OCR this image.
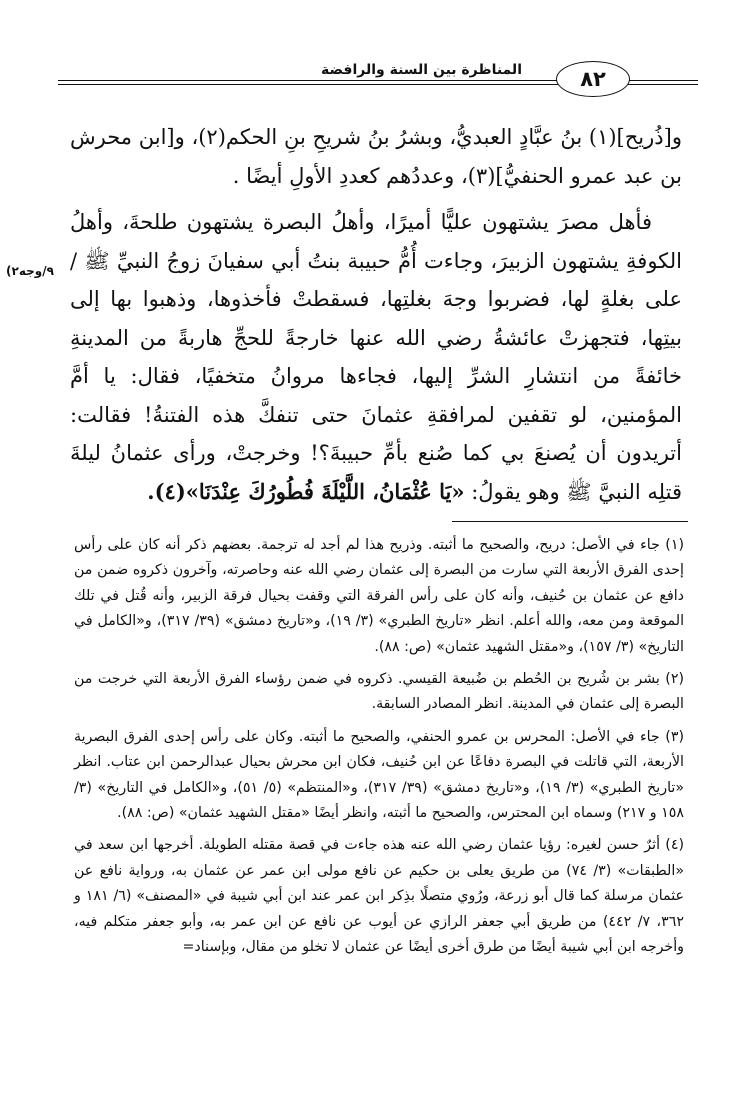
المناظرة بين السنة والرافضة	٨٢
٩/وجه٢)

و[ذُريح](١) بنُ عبَّادٍ العبديُّ، وبشرُ بنُ شريحِ بنِ الحكم(٢)، و[ابن محرش بن عبد عمرو الحنفيُّ](٣)، وعددُهم كعددِ الأولِ أيضًا .

فأهل مصرَ يشتهون عليًّا أميرًا، وأهلُ البصرة يشتهون طلحةَ، وأهلُ الكوفةِ يشتهون الزبيرَ، وجاءت أُمُّ حبيبة بنتُ أبي سفيانَ زوجُ النبيِّ ﷺ / على بغلةٍ لها، فضربوا وجهَ بغلتِها، فسقطتْ فأخذوها، وذهبوا بها إلى بيتِها، فتجهزتْ عائشةُ رضي الله عنها خارجةً للحجِّ هاربةً من المدينةِ خائفةً من انتشارِ الشرِّ إليها، فجاءها مروانُ متخفيًا، فقال: يا أمَّ المؤمنين، لو تقفين لمرافقةِ عثمانَ حتى تنفكَّ هذه الفتنةُ! فقالت: أتريدون أن يُصنعَ بي كما صُنع بأمِّ حبيبةَ؟! وخرجتْ، ورأى عثمانُ ليلةَ قتلِه النبيَّ ﷺ وهو يقولُ: «يَا عُثْمَانُ، اللَّيْلَةَ فُطُورُكَ عِنْدَنَا»(٤).

(١) جاء في الأصل: دريح، والصحيح ما أثبته. وذريح هذا لم أجد له ترجمة. بعضهم ذكر أنه كان على رأس إحدى الفرق الأربعة التي سارت من البصرة إلى عثمان رضي الله عنه وحاصرته، وآخرون ذكروه ضمن من دافع عن عثمان بن حُنيف، وأنه كان على رأس الفرقة التي وقفت بحيال فرقة الزبير، وأنه قُتل في تلك الموقعة ومن معه، والله أعلم. انظر «تاريخ الطبري» (٣/ ١٩)، و«تاريخ دمشق» (٣٩/ ٣١٧)، و«الكامل في التاريخ» (٣/ ١٥٧)، و«مقتل الشهيد عثمان» (ص: ٨٨).

(٢) بشر بن شُريح بن الحُطم بن ضُبيعة القيسي. ذكروه في ضمن رؤساء الفرق الأربعة التي خرجت من البصرة إلى عثمان في المدينة. انظر المصادر السابقة.

(٣) جاء في الأصل: المحرس بن عمرو الحنفي، والصحيح ما أثبته. وكان على رأس إحدى الفرق البصرية الأربعة، التي قاتلت في البصرة دفاعًا عن ابن حُنيف، فكان ابن محرش بحيال عبدالرحمن ابن عتاب. انظر «تاريخ الطبري» (٣/ ١٩)، و«تاريخ دمشق» (٣٩/ ٣١٧)، و«المنتظم» (٥/ ٥١)، و«الكامل في التاريخ» (٣/ ١٥٨ و ٢١٧) وسماه ابن المحترس، والصحيح ما أثبته، وانظر أيضًا «مقتل الشهيد عثمان» (ص: ٨٨).

(٤) أثرٌ حسن لغيره: رؤيا عثمان رضي الله عنه هذه جاءت في قصة مقتله الطويلة. أخرجها ابن سعد في «الطبقات» (٣/ ٧٤) من طريق يعلى بن حكيم عن نافع مولى ابن عمر عن عثمان به، ورواية نافع عن عثمان مرسلة كما قال أبو زرعة، ورُوي متصلًا بذِكر ابن عمر عند ابن أبي شيبة في «المصنف» (٦/ ١٨١ و ٣٦٢، ٧/ ٤٤٢) من طريق أبي جعفر الرازي عن أيوب عن نافع عن ابن عمر به، وأبو جعفر متكلم فيه، وأخرجه ابن أبي شيبة أيضًا من طرق أخرى أيضًا عن عثمان لا تخلو من مقال، وبإسناد=
